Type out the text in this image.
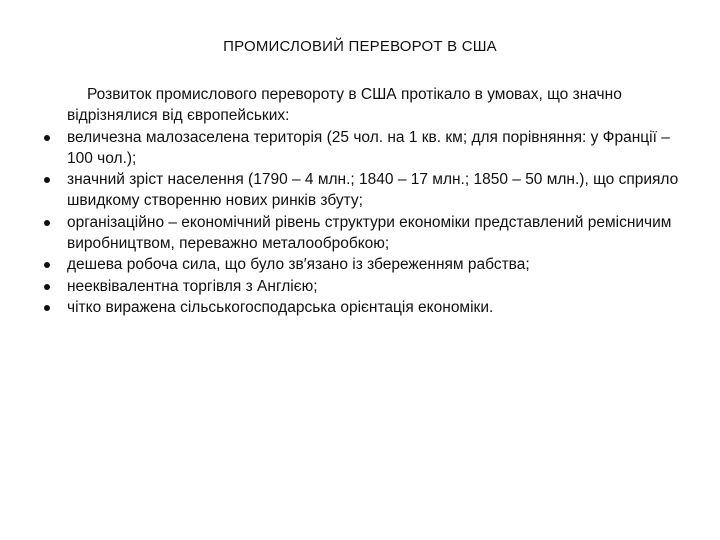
ПРОМИСЛОВИЙ ПЕРЕВОРОТ В США

Розвиток промислового перевороту в США протікало в умовах, що значно відрізнялися від європейських:

величезна малозаселена територія (25 чол. на 1 кв. км; для порівняння: у Франції – 100 чол.);
значний зріст населення (1790 – 4 млн.; 1840 – 17 млн.; 1850 – 50 млн.), що сприяло швидкому створенню нових ринків збуту;
організаційно – економічний рівень структури економіки представлений ремісничим виробництвом, переважно металообробкою;
дешева робоча сила, що було зв′язано із збереженням рабства;
нееквівалентна торгівля з Англією;
чітко виражена сільськогосподарська орієнтація економіки.
